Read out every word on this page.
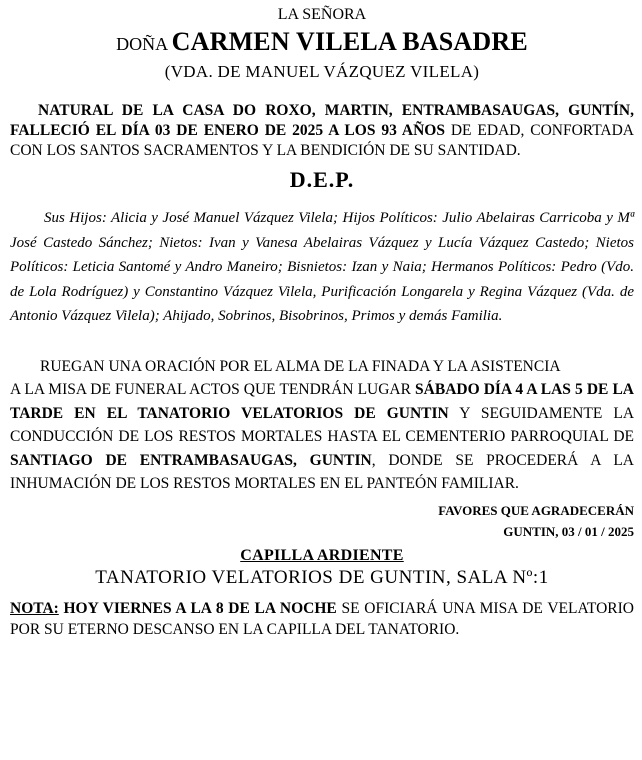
LA SEÑORA

DOÑA CARMEN VILELA BASADRE

(VDA. DE MANUEL VÁZQUEZ VILELA)

NATURAL DE LA CASA DO ROXO, MARTIN, ENTRAMBASAUGAS, GUNTÍN, FALLECIÓ EL DÍA 03 DE ENERO DE 2025 A LOS 93 AÑOS DE EDAD, CONFORTADA CON LOS SANTOS SACRAMENTOS Y LA BENDICIÓN DE SU SANTIDAD.

D.E.P.

Sus Hijos: Alicia y José Manuel Vázquez Vilela; Hijos Políticos: Julio Abelairas Carricoba y Mª José Castedo Sánchez; Nietos: Ivan y Vanesa Abelairas Vázquez y Lucía Vázquez Castedo; Nietos Políticos: Leticia Santomé y Andro Maneiro; Bisnietos: Izan y Naia; Hermanos Políticos: Pedro (Vdo. de Lola Rodríguez) y Constantino Vázquez Vilela, Purificación Longarela y Regina Vázquez (Vda. de Antonio Vázquez Vilela); Ahijado, Sobrinos, Bisobrinos, Primos y demás Familia.

RUEGAN UNA ORACIÓN POR EL ALMA DE LA FINADA Y LA ASISTENCIA

A LA MISA DE FUNERAL ACTOS QUE TENDRÁN LUGAR SÁBADO DÍA 4 A LAS 5 DE LA TARDE EN EL TANATORIO VELATORIOS DE GUNTIN Y SEGUIDAMENTE LA CONDUCCIÓN DE LOS RESTOS MORTALES HASTA EL CEMENTERIO PARROQUIAL DE SANTIAGO DE ENTRAMBASAUGAS, GUNTIN, DONDE SE PROCEDERÁ A LA INHUMACIÓN DE LOS RESTOS MORTALES EN EL PANTEÓN FAMILIAR.

FAVORES QUE AGRADECERÁN

GUNTIN, 03 / 01 / 2025

CAPILLA ARDIENTE

TANATORIO VELATORIOS DE GUNTIN, SALA Nº:1

NOTA: HOY VIERNES A LA 8 DE LA NOCHE SE OFICIARÁ UNA MISA DE VELATORIO POR SU ETERNO DESCANSO EN LA CAPILLA DEL TANATORIO.
